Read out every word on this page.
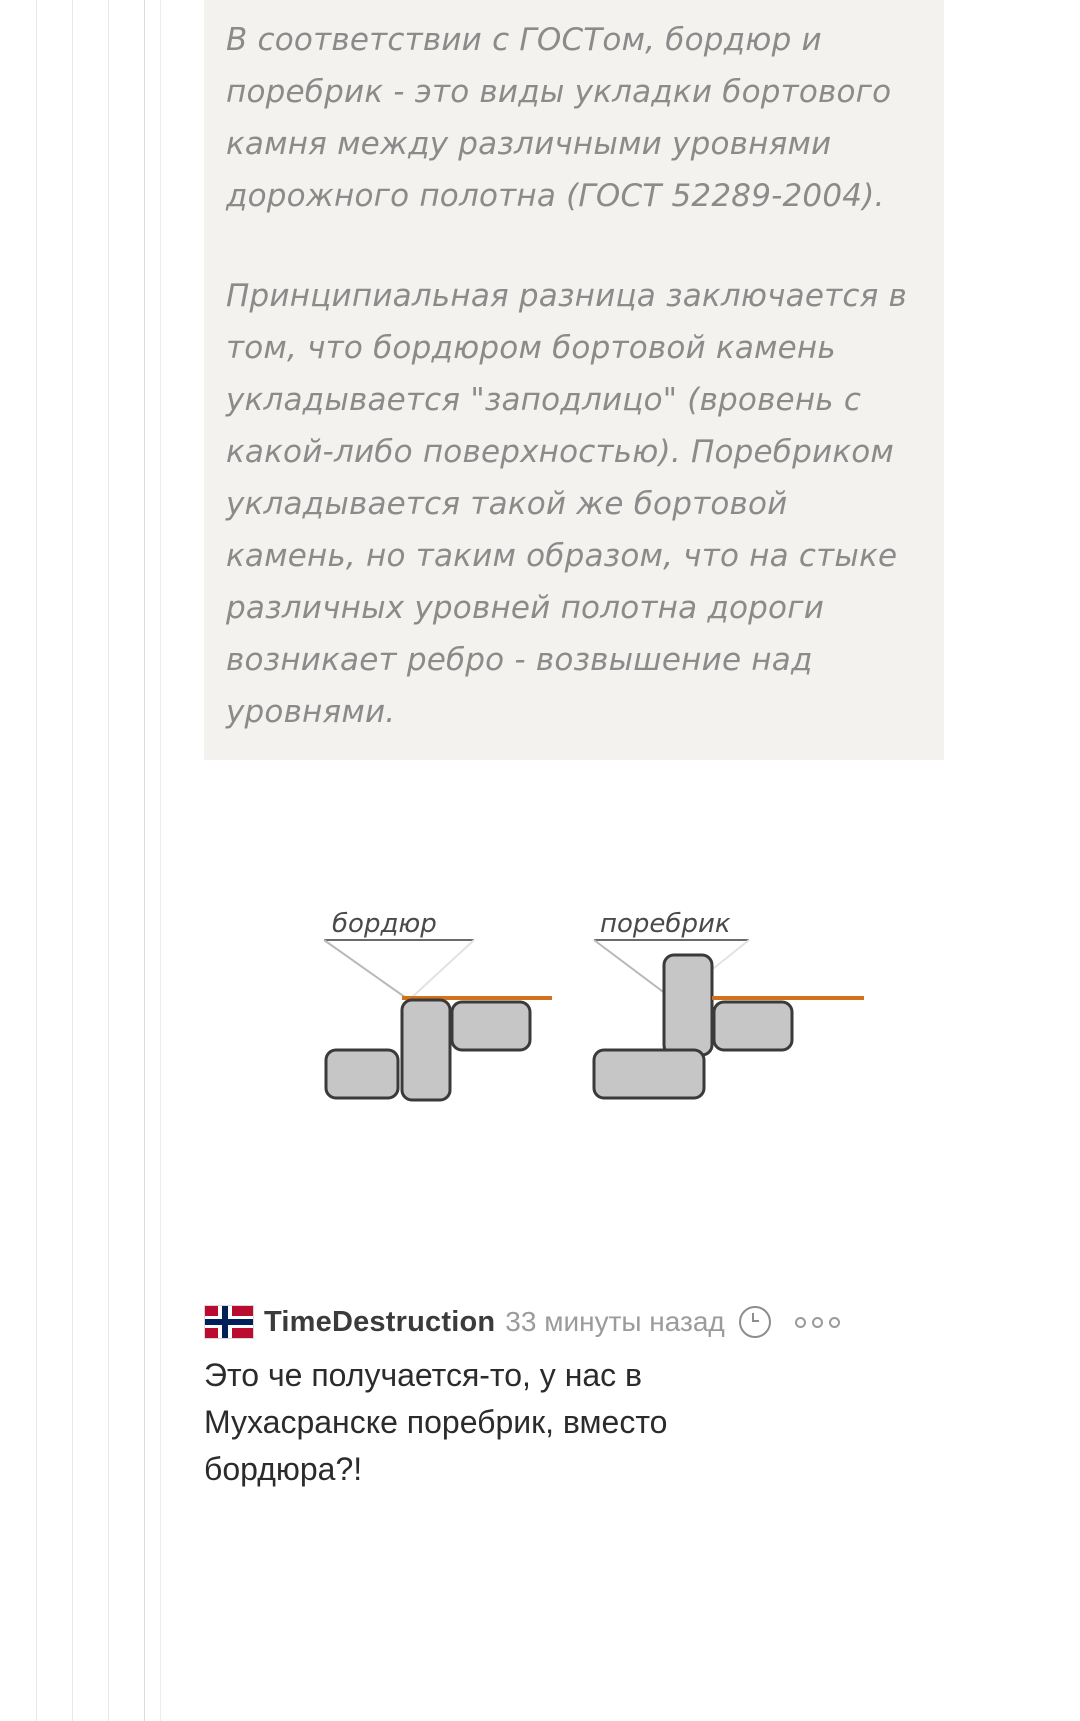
В соответствии с ГОСТом, бордюр и поребрик - это виды укладки бортового камня между различными уровнями дорожного полотна (ГОСТ 52289-2004).

Принципиальная разница заключается в том, что бордюром бортовой камень укладывается "заподлицо" (вровень с какой-либо поверхностью). Поребриком укладывается такой же бортовой камень, но таким образом, что на стыке различных уровней полотна дороги возникает ребро - возвышение над уровнями.

бордюр	поребрик
TimeDestruction 33 минуты назад
Это че получается-то, у нас в Мухасранске поребрик, вместо бордюра?!
